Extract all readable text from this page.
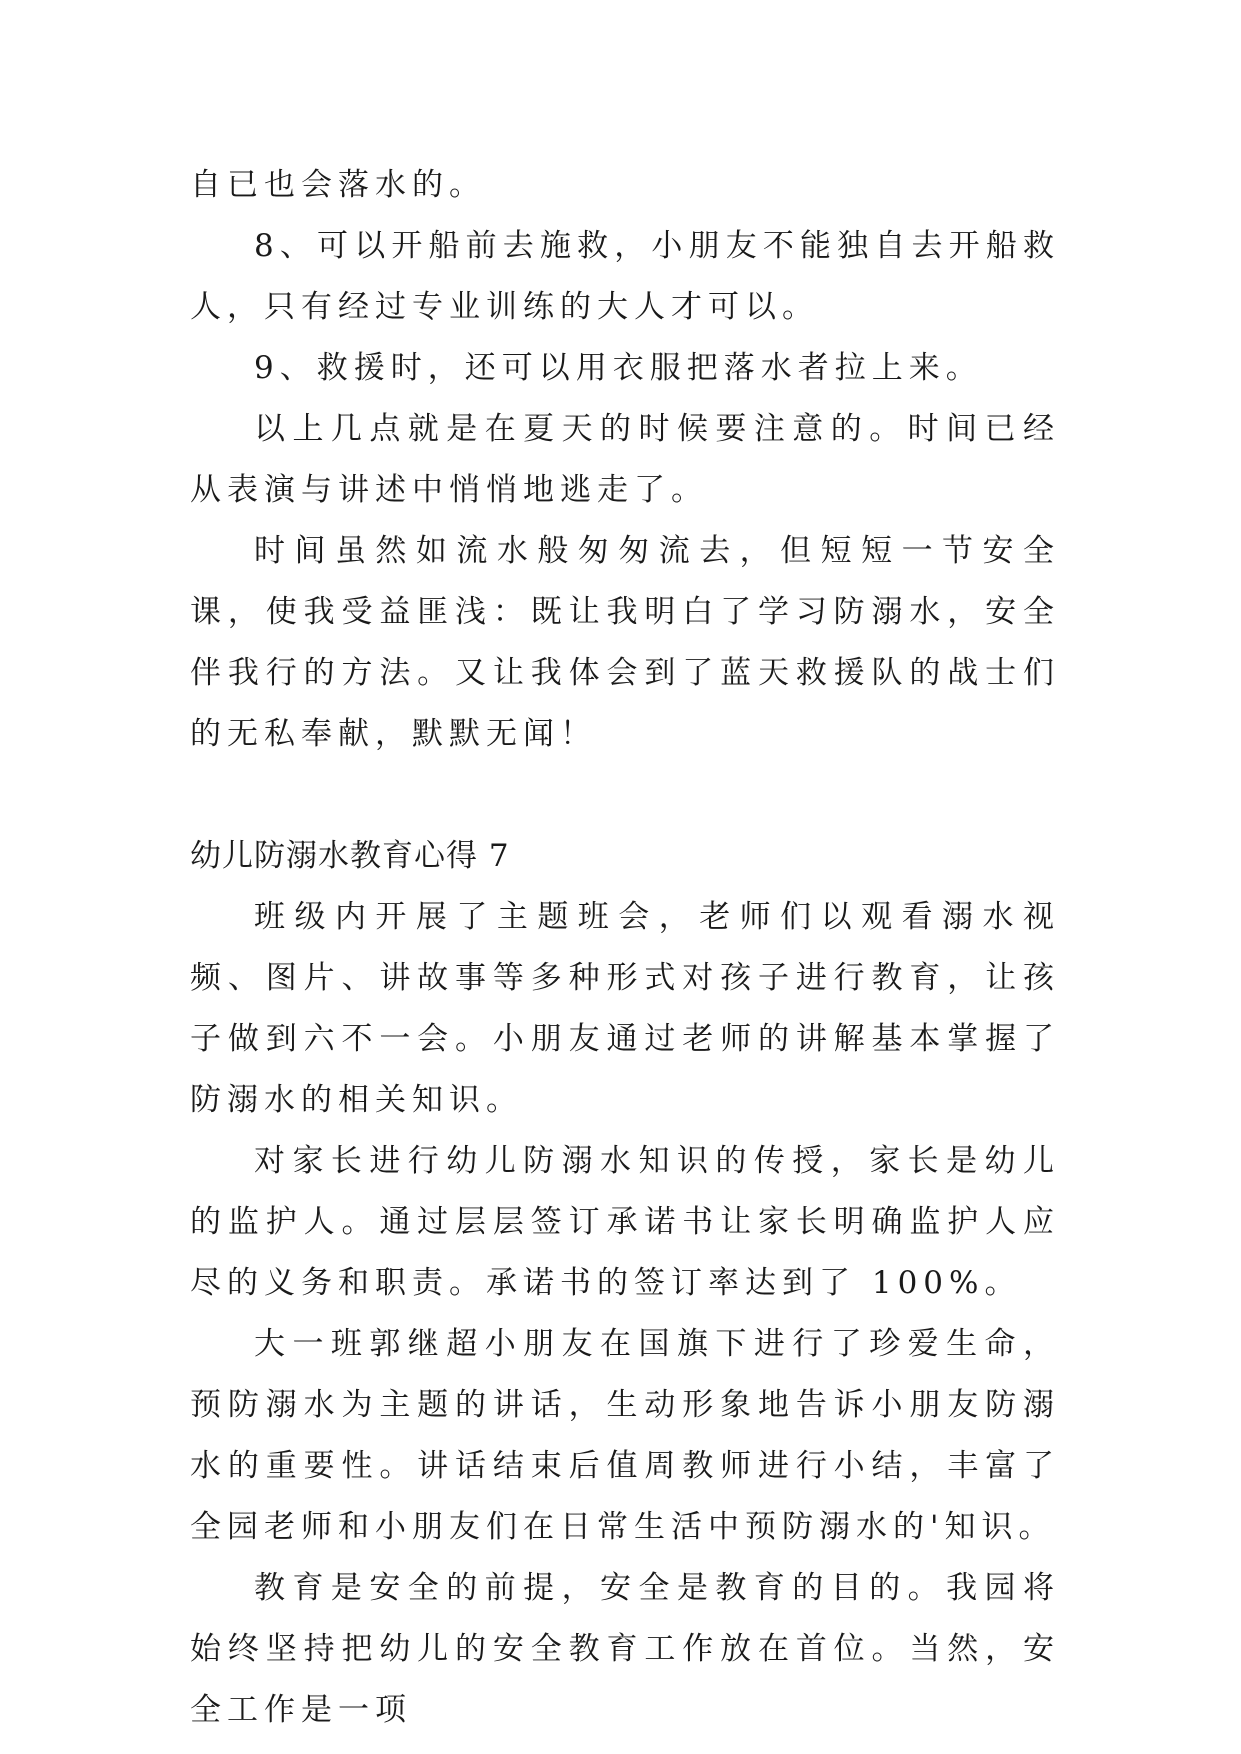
自已也会落水的。

8、可以开船前去施救，小朋友不能独自去开船救人，只有经过专业训练的大人才可以。

9、救援时，还可以用衣服把落水者拉上来。

以上几点就是在夏天的时候要注意的。时间已经从表演与讲述中悄悄地逃走了。

时间虽然如流水般匆匆流去，但短短一节安全课，使我受益匪浅：既让我明白了学习防溺水，安全伴我行的方法。又让我体会到了蓝天救援队的战士们的无私奉献，默默无闻！

幼儿防溺水教育心得 7

班级内开展了主题班会，老师们以观看溺水视频、图片、讲故事等多种形式对孩子进行教育，让孩子做到六不一会。小朋友通过老师的讲解基本掌握了防溺水的相关知识。

对家长进行幼儿防溺水知识的传授，家长是幼儿的监护人。通过层层签订承诺书让家长明确监护人应尽的义务和职责。承诺书的签订率达到了 100%。

大一班郭继超小朋友在国旗下进行了珍爱生命，预防溺水为主题的讲话，生动形象地告诉小朋友防溺水的重要性。讲话结束后值周教师进行小结，丰富了全园老师和小朋友们在日常生活中预防溺水的'知识。

教育是安全的前提，安全是教育的目的。我园将始终坚持把幼儿的安全教育工作放在首位。当然，安全工作是一项
